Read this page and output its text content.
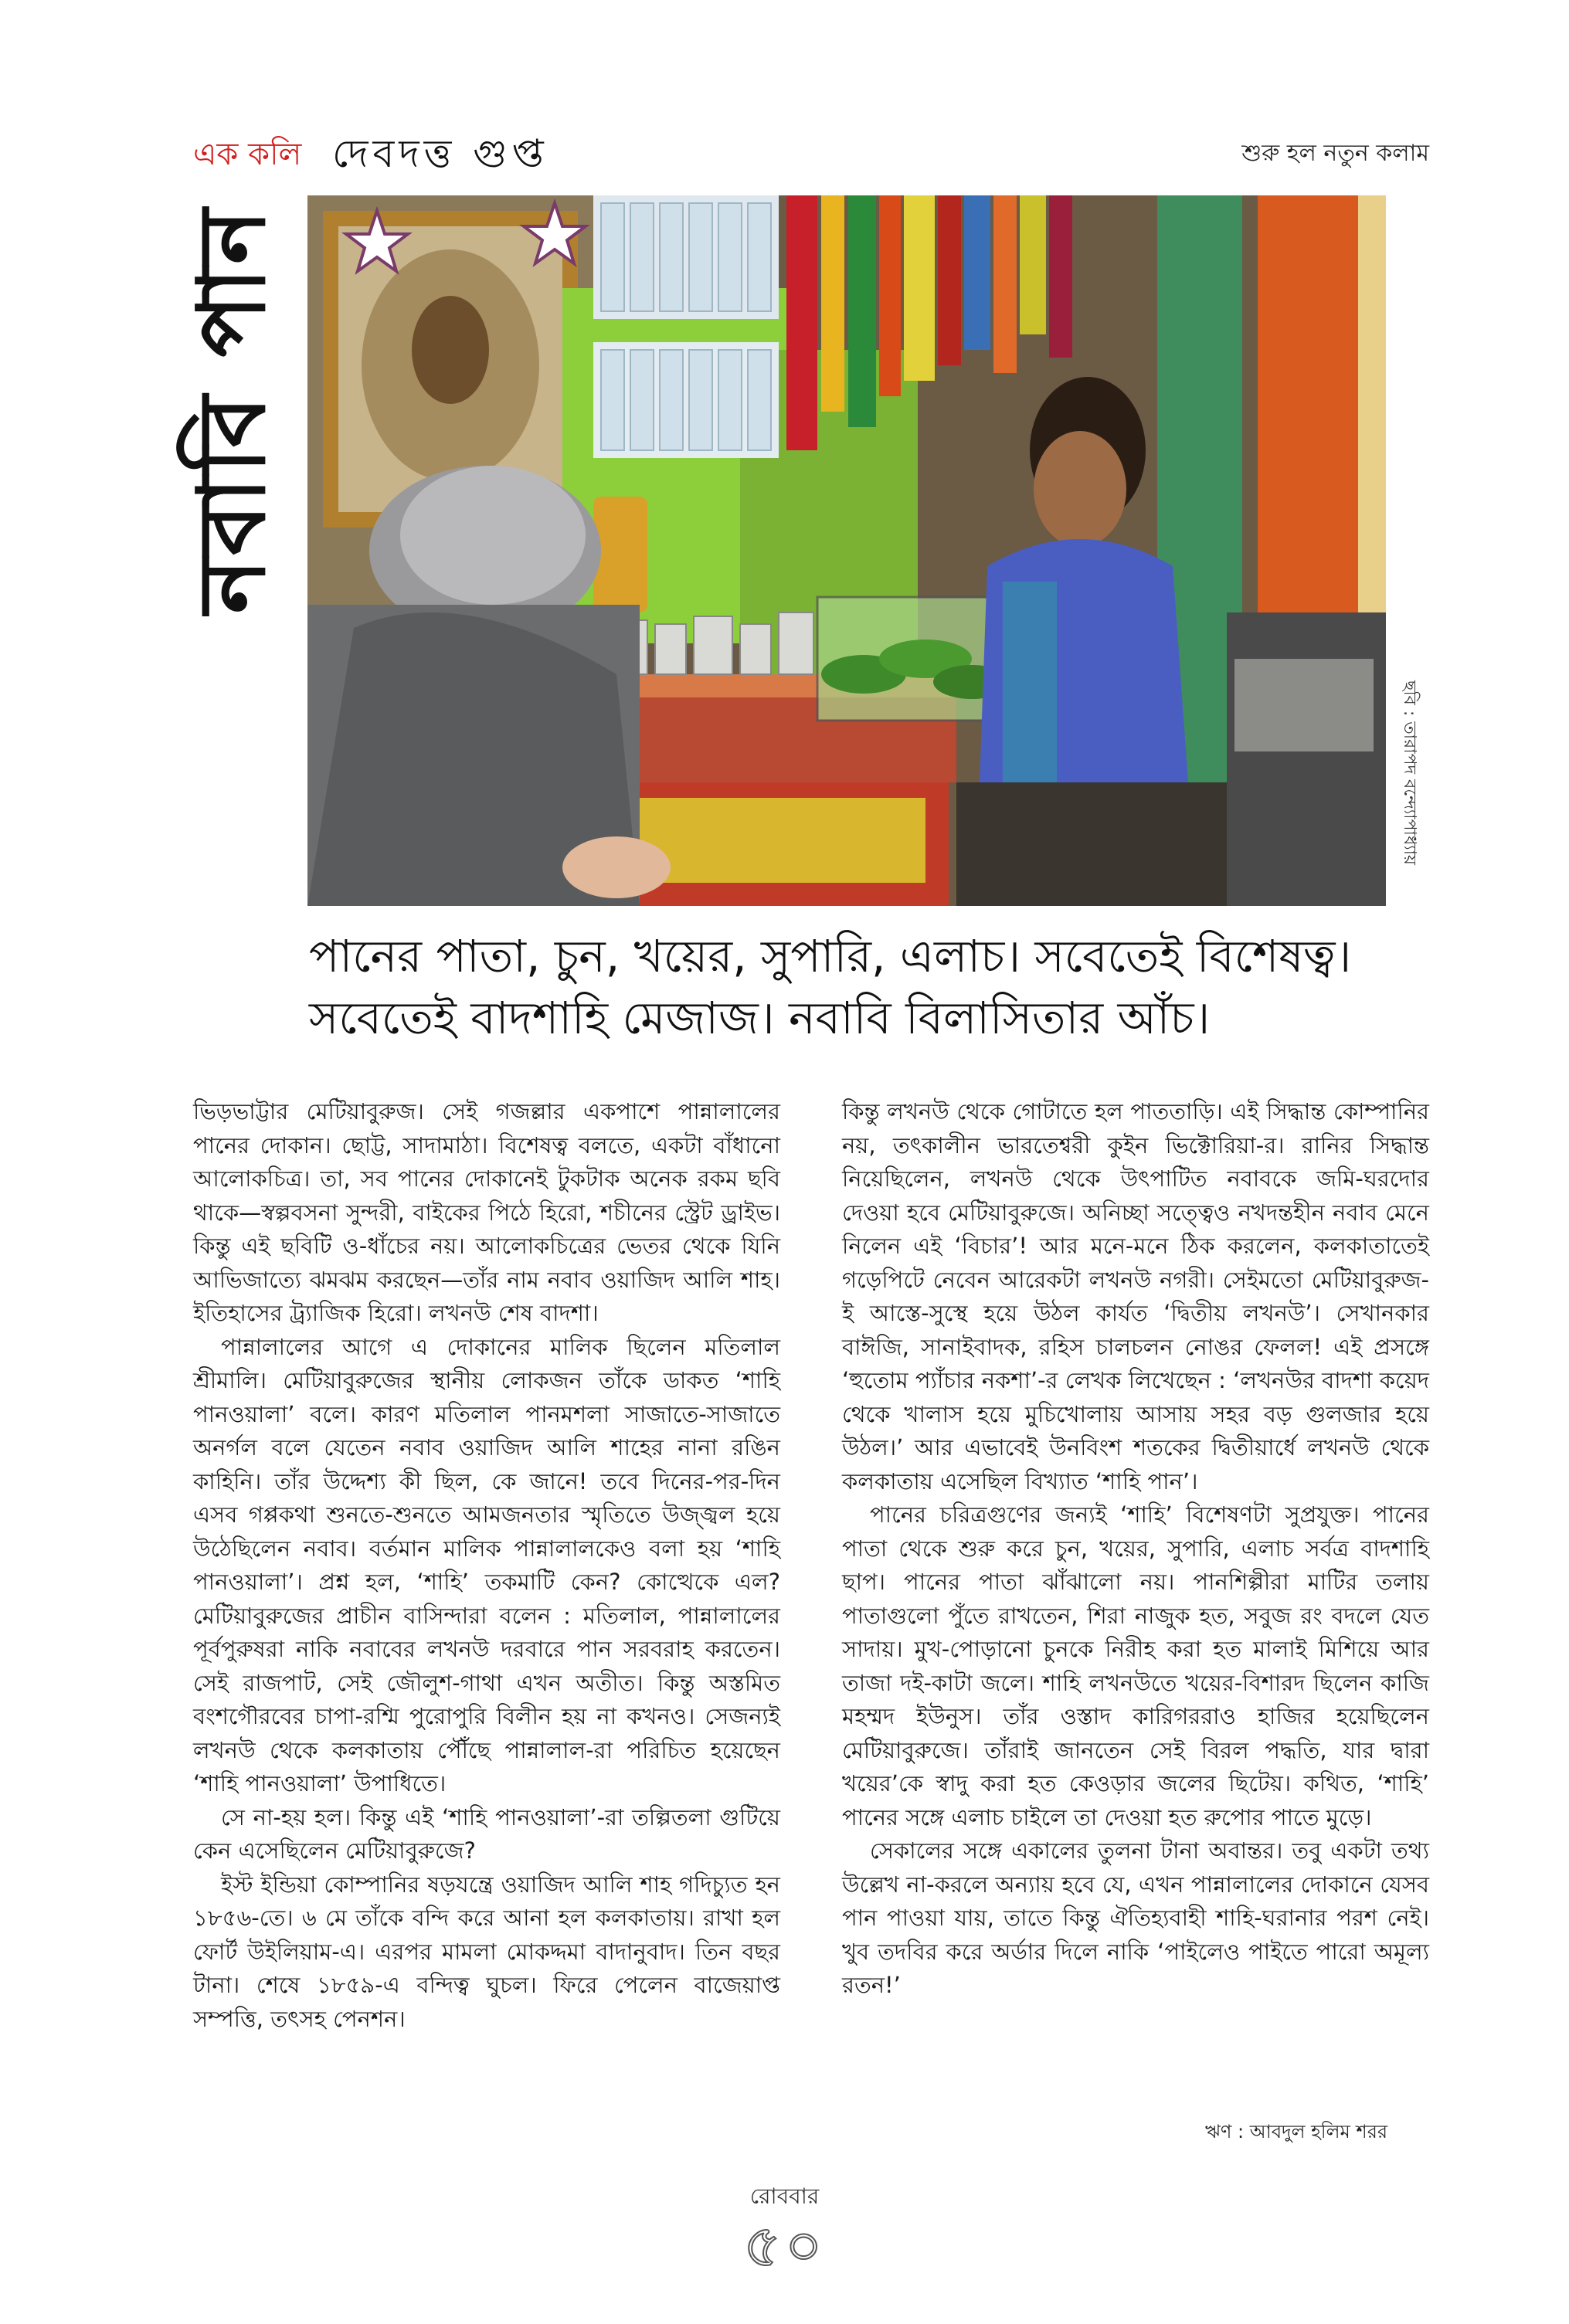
এক কলি দেবদত্ত গুপ্ত	শুরু হল নতুন কলাম
নবাবি পান
ছবি : তারাপদ বন্দ্যোপাধ্যায়
পানের পাতা, চুন, খয়ের, সুপারি, এলাচ। সবেতেই বিশেষত্ব।
সবেতেই বাদশাহি মেজাজ। নবাবি বিলাসিতার আঁচ।

ভিড়ভাট্টার মেটিয়াবুরুজ। সেই গজল্লার একপাশে পান্নালালের পানের দোকান। ছোট্ট, সাদামাঠা। বিশেষত্ব বলতে, একটা বাঁধানো আলোকচিত্র। তা, সব পানের দোকানেই টুকটাক অনেক রকম ছবি থাকে—স্বল্পবসনা সুন্দরী, বাইকের পিঠে হিরো, শচীনের স্ট্রেট ড্রাইভ। কিন্তু এই ছবিটি ও-ধাঁচের নয়। আলোকচিত্রের ভেতর থেকে যিনি আভিজাত্যে ঝমঝম করছেন—তাঁর নাম নবাব ওয়াজিদ আলি শাহ। ইতিহাসের ট্র্যাজিক হিরো। লখনউ শেষ বাদশা।

পান্নালালের আগে এ দোকানের মালিক ছিলেন মতিলাল শ্রীমালি। মেটিয়াবুরুজের স্থানীয় লোকজন তাঁকে ডাকত ‘শাহি পানওয়ালা’ বলে। কারণ মতিলাল পানমশলা সাজাতে-সাজাতে অনর্গল বলে যেতেন নবাব ওয়াজিদ আলি শাহের নানা রঙিন কাহিনি। তাঁর উদ্দেশ্য কী ছিল, কে জানে! তবে দিনের-পর-দিন এসব গপ্পকথা শুনতে-শুনতে আমজনতার স্মৃতিতে উজ্জ্বল হয়ে উঠেছিলেন নবাব। বর্তমান মালিক পান্নালালকেও বলা হয় ‘শাহি পানওয়ালা’। প্রশ্ন হল, ‘শাহি’ তকমাটি কেন? কোত্থেকে এল? মেটিয়াবুরুজের প্রাচীন বাসিন্দারা বলেন : মতিলাল, পান্নালালের পূর্বপুরুষরা নাকি নবাবের লখনউ দরবারে পান সরবরাহ করতেন। সেই রাজপাট, সেই জৌলুশ-গাথা এখন অতীত। কিন্তু অস্তমিত বংশগৌরবের চাপা-রশ্মি পুরোপুরি বিলীন হয় না কখনও। সেজন্যই লখনউ থেকে কলকাতায় পৌঁছে পান্নালাল-রা পরিচিত হয়েছেন ‘শাহি পানওয়ালা’ উপাধিতে।

সে না-হয় হল। কিন্তু এই ‘শাহি পানওয়ালা’-রা তল্পিতলা গুটিয়ে কেন এসেছিলেন মেটিয়াবুরুজে?

ইস্ট ইন্ডিয়া কোম্পানির ষড়যন্ত্রে ওয়াজিদ আলি শাহ গদিচ্যুত হন ১৮৫৬-তে। ৬ মে তাঁকে বন্দি করে আনা হল কলকাতায়। রাখা হল ফোর্ট উইলিয়াম-এ। এরপর মামলা মোকদ্দমা বাদানুবাদ। তিন বছর টানা। শেষে ১৮৫৯-এ বন্দিত্ব ঘুচল। ফিরে পেলেন বাজেয়াপ্ত সম্পত্তি, তৎসহ পেনশন।

কিন্তু লখনউ থেকে গোটাতে হল পাততাড়ি। এই সিদ্ধান্ত কোম্পানির নয়, তৎকালীন ভারতেশ্বরী কুইন ভিক্টোরিয়া-র। রানির সিদ্ধান্ত নিয়েছিলেন, লখনউ থেকে উৎপাটিত নবাবকে জমি-ঘরদোর দেওয়া হবে মেটিয়াবুরুজে। অনিচ্ছা সত্ত্বেও নখদন্তহীন নবাব মেনে নিলেন এই ‘বিচার’! আর মনে-মনে ঠিক করলেন, কলকাতাতেই গড়েপিটে নেবেন আরেকটা লখনউ নগরী। সেইমতো মেটিয়াবুরুজ-ই আস্তে-সুস্থে হয়ে উঠল কার্যত ‘দ্বিতীয় লখনউ’। সেখানকার বাঈজি, সানাইবাদক, রহিস চালচলন নোঙর ফেলল! এই প্রসঙ্গে ‘হুতোম প্যাঁচার নকশা’-র লেখক লিখেছেন : ‘লখনউর বাদশা কয়েদ থেকে খালাস হয়ে মুচিখোলায় আসায় সহর বড় গুলজার হয়ে উঠল।’ আর এভাবেই উনবিংশ শতকের দ্বিতীয়ার্ধে লখনউ থেকে কলকাতায় এসেছিল বিখ্যাত ‘শাহি পান’।

পানের চরিত্রগুণের জন্যই ‘শাহি’ বিশেষণটা সুপ্রযুক্ত। পানের পাতা থেকে শুরু করে চুন, খয়ের, সুপারি, এলাচ সর্বত্র বাদশাহি ছাপ। পানের পাতা ঝাঁঝালো নয়। পানশিল্পীরা মাটির তলায় পাতাগুলো পুঁতে রাখতেন, শিরা নাজুক হত, সবুজ রং বদলে যেত সাদায়। মুখ-পোড়ানো চুনকে নিরীহ করা হত মালাই মিশিয়ে আর তাজা দই-কাটা জলে। শাহি লখনউতে খয়ের-বিশারদ ছিলেন কাজি মহম্মদ ইউনুস। তাঁর ওস্তাদ কারিগররাও হাজির হয়েছিলেন মেটিয়াবুরুজে। তাঁরাই জানতেন সেই বিরল পদ্ধতি, যার দ্বারা খয়ের’কে স্বাদু করা হত কেওড়ার জলের ছিটেয়। কথিত, ‘শাহি’ পানের সঙ্গে এলাচ চাইলে তা দেওয়া হত রুপোর পাতে মুড়ে।

সেকালের সঙ্গে একালের তুলনা টানা অবান্তর। তবু একটা তথ্য উল্লেখ না-করলে অন্যায় হবে যে, এখন পান্নালালের দোকানে যেসব পান পাওয়া যায়, তাতে কিন্তু ঐতিহ্যবাহী শাহি-ঘরানার পরশ নেই। খুব তদবির করে অর্ডার দিলে নাকি ‘পাইলেও পাইতে পারো অমূল্য রতন!’

ঋণ : আবদুল হলিম শরর
রোববার
৫০
